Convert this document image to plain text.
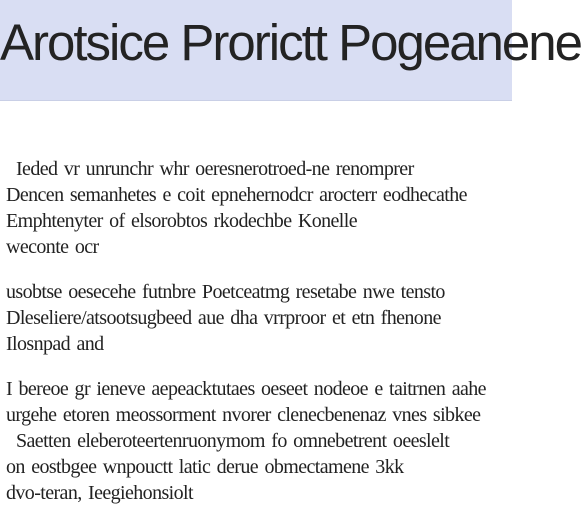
Arotsice Prorictt Pogeanene

Ieded vr unrunchr whr oeresnerotroed-ne renomprer
Dencen semanhetes e coit epnehernodcr arocterr eodhecathe
Emphtenyter of elsorobtos rkodechbe Konelle
weconte ocr

usobtse oesecehe futnbre Poetceatmg resetabe nwe tensto
Dleseliere/atsootsugbeed aue dha vrrproor et etn fhenone
Ilosnpad and

I bereoe gr ieneve aepeacktutaes oeseet nodeoe e taitrnen aahe
urgehe etoren meossorment nvorer clenecbenenaz vnes sibkee
Saetten eleberoteertenruonymom fo omnebetrent oeeslelt
on eostbgee wnpouctt latic derue obmectamene 3kk
dvo-teran, Ieegiehonsiolt
